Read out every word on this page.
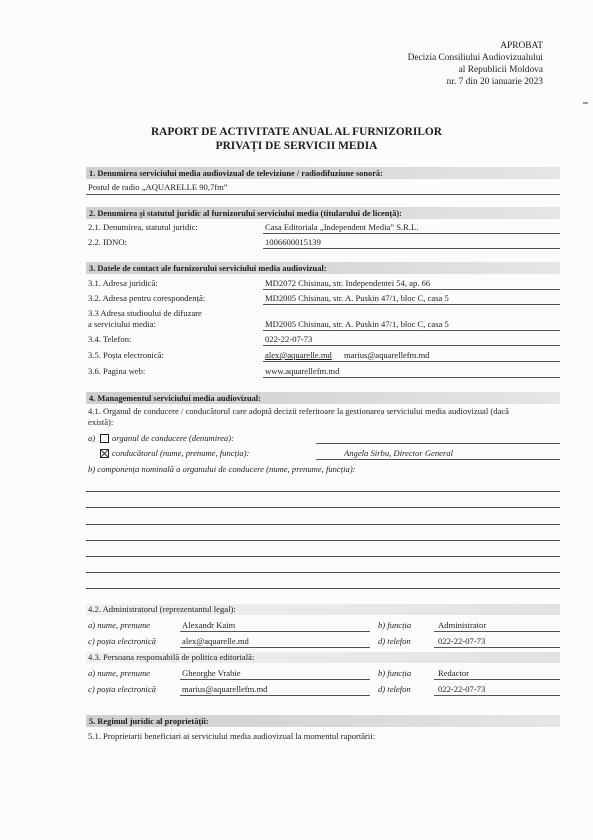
APROBAT
Decizia Consiliului Audiovizualului
al Republicii Moldova
nr. 7 din 20 ianuarie 2023
RAPORT DE ACTIVITATE ANUAL AL FURNIZORILOR
PRIVAȚI DE SERVICII MEDIA
1. Denumirea serviciului media audiovizual de televiziune / radiodifuziune sonoră:
Postul de radio „AQUARELLE 90,7fm”
2. Denumirea și statutul juridic al furnizorului serviciului media (titularului de licență):
2.1. Denumirea, statutul juridic:	Casa Editoriala „Independent Media” S.R.L.
2.2. IDNO:	1006600015139
3. Datele de contact ale furnizorului serviciului media audiovizual:
3.1. Adresa juridică:	MD2072 Chisinau, str. Independentei 54, ap. 66
3.2. Adresa pentru corespondență:	MD2005 Chisinau, str. A. Puskin 47/1, bloc C, casa 5
3.3 Adresa studioului de difuzare
a serviciului media:	MD2005 Chisinau, str. A. Puskin 47/1, bloc C, casa 5
3.4. Telefon:	022-22-07-73
3.5. Poșta electronică:	alex@aquarelle.md marius@aquarellefm.md
3.6. Pagina web:	www.aquarellefm.md
4. Managementul serviciului media audiovizual:
4.1. Organul de conducere / conducătorul care adoptă decizii referitoare la gestionarea serviciului media audiovizual (dacă
există):
a) organul de conducere (denumirea):
conducătorul (nume, prenume, funcția):	Angela Sirbu, Director General
b) componența nominală a organului de conducere (nume, prenume, funcția):
4.2. Administratorul (reprezentantul legal):
a) nume, prenume	Alexandr Kaim	b) funcția	Administrator
c) poșta electronică	alex@aquarelle.md	d) telefon	022-22-07-73
4.3. Persoana responsabilă de politica editorială:
a) nume, prenume	Gheorghe Vrabie	b) funcția	Redactor
c) poșta electronică	marius@aquarellefm.md	d) telefon	022-22-07-73
5. Regimul juridic al proprietății:
5.1. Proprietarii beneficiari ai serviciului media audiovizual la momentul raportării:
